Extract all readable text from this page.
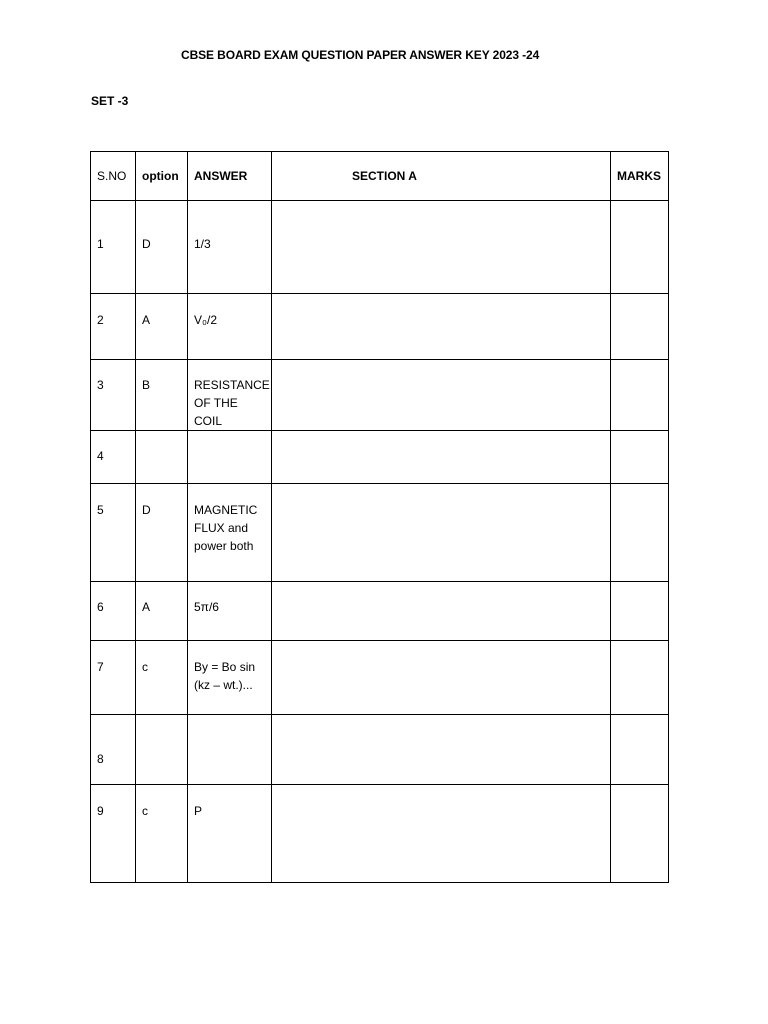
CBSE BOARD EXAM QUESTION PAPER ANSWER KEY 2023 -24
SET -3
S.NO	option	ANSWER	SECTION A	MARKS
1	D	1/3		

2	A	V₀/2		

3	B	RESISTANCE
OF THE COIL		

4				
5	D	MAGNETIC
FLUX and
power both		

6	A	5π/6		

7	c	By = Bo sin
(kz – wt.)...		

8				
9	c	P		
